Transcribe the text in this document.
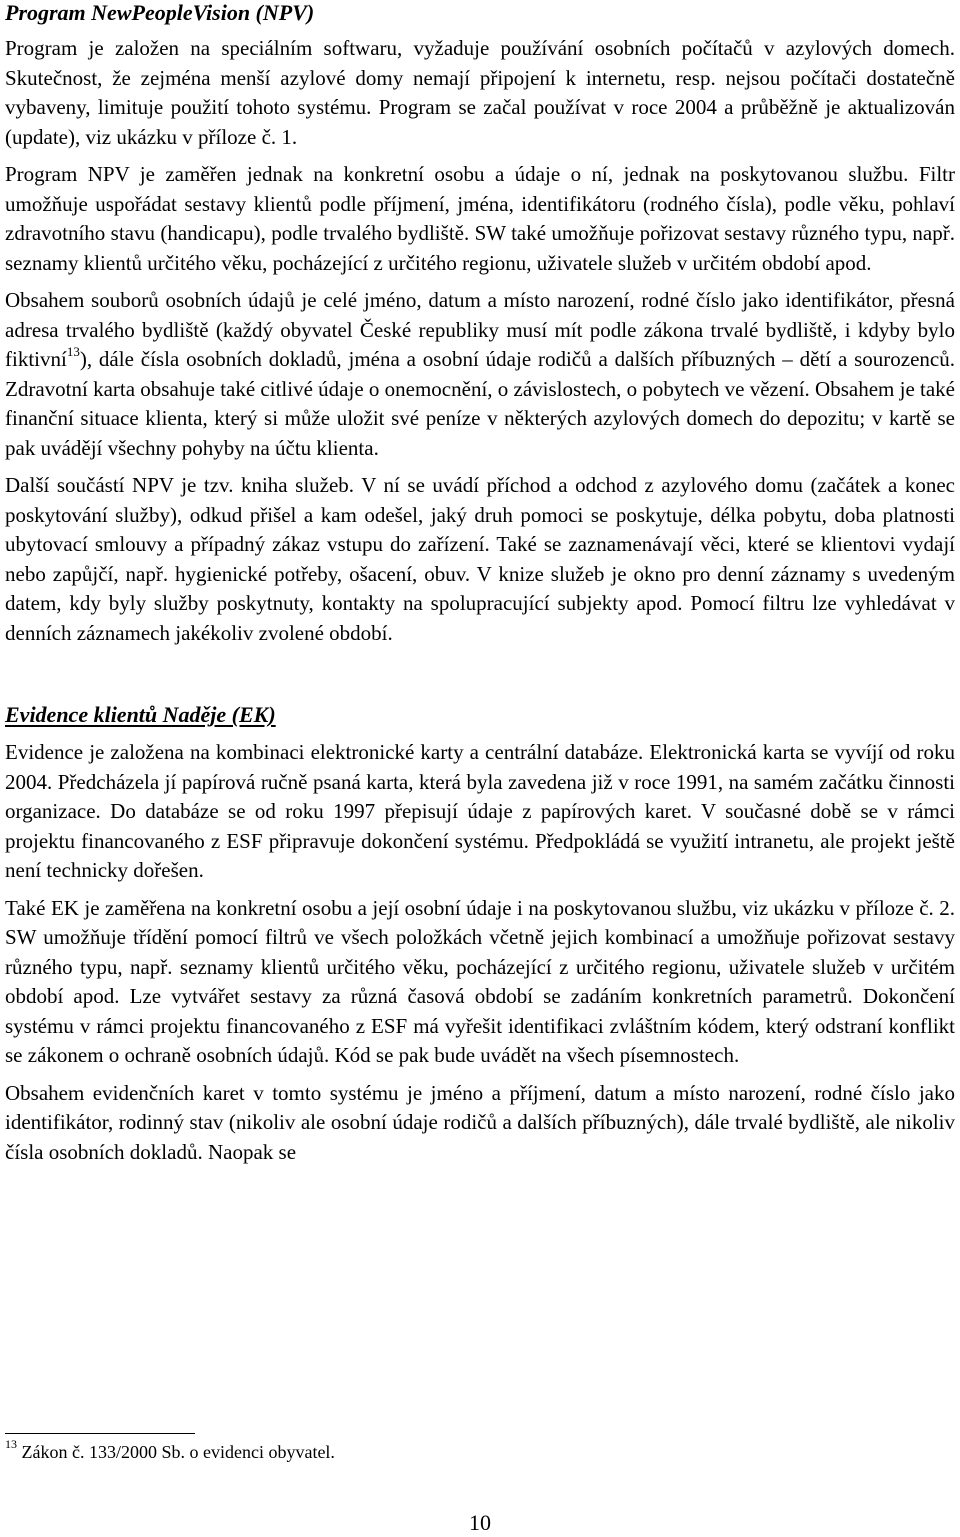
Program NewPeopleVision (NPV)

Program je založen na speciálním softwaru, vyžaduje používání osobních počítačů v azylových domech. Skutečnost, že zejména menší azylové domy nemají připojení k internetu, resp. nejsou počítači dostatečně vybaveny, limituje použití tohoto systému. Program se začal používat v roce 2004 a průběžně je aktualizován (update), viz ukázku v příloze č. 1.

Program NPV je zaměřen jednak na konkretní osobu a údaje o ní, jednak na poskytovanou službu. Filtr umožňuje uspořádat sestavy klientů podle příjmení, jména, identifikátoru (rodného čísla), podle věku, pohlaví zdravotního stavu (handicapu), podle trvalého bydliště. SW také umožňuje pořizovat sestavy různého typu, např. seznamy klientů určitého věku, pocházející z určitého regionu, uživatele služeb v určitém období apod.

Obsahem souborů osobních údajů je celé jméno, datum a místo narození, rodné číslo jako identifikátor, přesná adresa trvalého bydliště (každý obyvatel České republiky musí mít podle zákona trvalé bydliště, i kdyby bylo fiktivní$^{13}$), dále čísla osobních dokladů, jména a osobní údaje rodičů a dalších příbuzných – dětí a sourozenců. Zdravotní karta obsahuje také citlivé údaje o onemocnění, o závislostech, o pobytech ve vězení. Obsahem je také finanční situace klienta, který si může uložit své peníze v některých azylových domech do depozitu; v kartě se pak uvádějí všechny pohyby na účtu klienta.

Další součástí NPV je tzv. kniha služeb. V ní se uvádí příchod a odchod z azylového domu (začátek a konec poskytování služby), odkud přišel a kam odešel, jaký druh pomoci se poskytuje, délka pobytu, doba platnosti ubytovací smlouvy a případný zákaz vstupu do zařízení. Také se zaznamenávají věci, které se klientovi vydají nebo zapůjčí, např. hygienické potřeby, ošacení, obuv. V knize služeb je okno pro denní záznamy s uvedeným datem, kdy byly služby poskytnuty, kontakty na spolupracující subjekty apod. Pomocí filtru lze vyhledávat v denních záznamech jakékoliv zvolené období.

Evidence klientů Naděje (EK)

Evidence je založena na kombinaci elektronické karty a centrální databáze. Elektronická karta se vyvíjí od roku 2004. Předcházela jí papírová ručně psaná karta, která byla zavedena již v roce 1991, na samém začátku činnosti organizace. Do databáze se od roku 1997 přepisují údaje z papírových karet. V současné době se v rámci projektu financovaného z ESF připravuje dokončení systému. Předpokládá se využití intranetu, ale projekt ještě není technicky dořešen.

Také EK je zaměřena na konkretní osobu a její osobní údaje i na poskytovanou službu, viz ukázku v příloze č. 2. SW umožňuje třídění pomocí filtrů ve všech položkách včetně jejich kombinací a umožňuje pořizovat sestavy různého typu, např. seznamy klientů určitého věku, pocházející z určitého regionu, uživatele služeb v určitém období apod. Lze vytvářet sestavy za různá časová období se zadáním konkretních parametrů. Dokončení systému v rámci projektu financovaného z ESF má vyřešit identifikaci zvláštním kódem, který odstraní konflikt se zákonem o ochraně osobních údajů. Kód se pak bude uvádět na všech písemnostech.

Obsahem evidenčních karet v tomto systému je jméno a příjmení, datum a místo narození, rodné číslo jako identifikátor, rodinný stav (nikoliv ale osobní údaje rodičů a dalších příbuzných), dále trvalé bydliště, ale nikoliv čísla osobních dokladů. Naopak se

$^{13}$ Zákon č. 133/2000 Sb. o evidenci obyvatel.
10
